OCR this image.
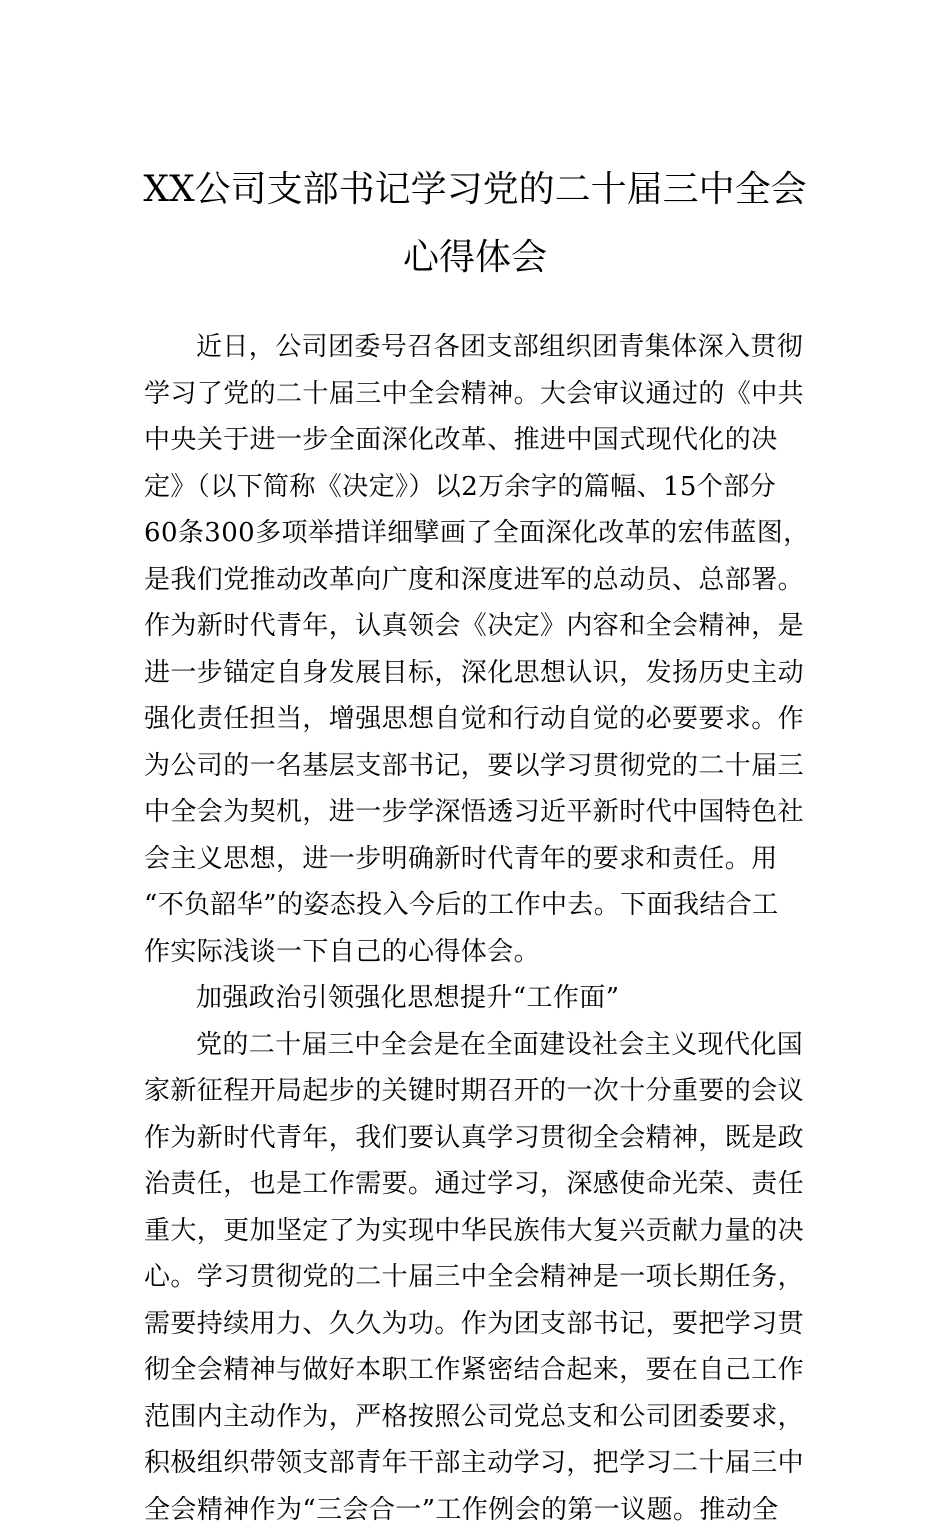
XX公司支部书记学习党的二十届三中全会
心得体会
近日，公司团委号召各团支部组织团青集体深入贯彻
学习了党的二十届三中全会精神。大会审议通过的《中共
中央关于进一步全面深化改革、推进中国式现代化的决
定》（以下简称《决定》）以2万余字的篇幅、15个部分
60条300多项举措详细擘画了全面深化改革的宏伟蓝图，
是我们党推动改革向广度和深度进军的总动员、总部署。
作为新时代青年，认真领会《决定》内容和全会精神，是
进一步锚定自身发展目标，深化思想认识，发扬历史主动
强化责任担当，增强思想自觉和行动自觉的必要要求。作
为公司的一名基层支部书记，要以学习贯彻党的二十届三
中全会为契机，进一步学深悟透习近平新时代中国特色社
会主义思想，进一步明确新时代青年的要求和责任。用
“不负韶华”的姿态投入今后的工作中去。下面我结合工
作实际浅谈一下自己的心得体会。
加强政治引领强化思想提升“工作面”
党的二十届三中全会是在全面建设社会主义现代化国
家新征程开局起步的关键时期召开的一次十分重要的会议
作为新时代青年，我们要认真学习贯彻全会精神，既是政
治责任，也是工作需要。通过学习，深感使命光荣、责任
重大，更加坚定了为实现中华民族伟大复兴贡献力量的决
心。学习贯彻党的二十届三中全会精神是一项长期任务，
需要持续用力、久久为功。作为团支部书记，要把学习贯
彻全会精神与做好本职工作紧密结合起来，要在自己工作
范围内主动作为，严格按照公司党总支和公司团委要求，
积极组织带领支部青年干部主动学习，把学习二十届三中
全会精神作为“三会合一”工作例会的第一议题。推动全
